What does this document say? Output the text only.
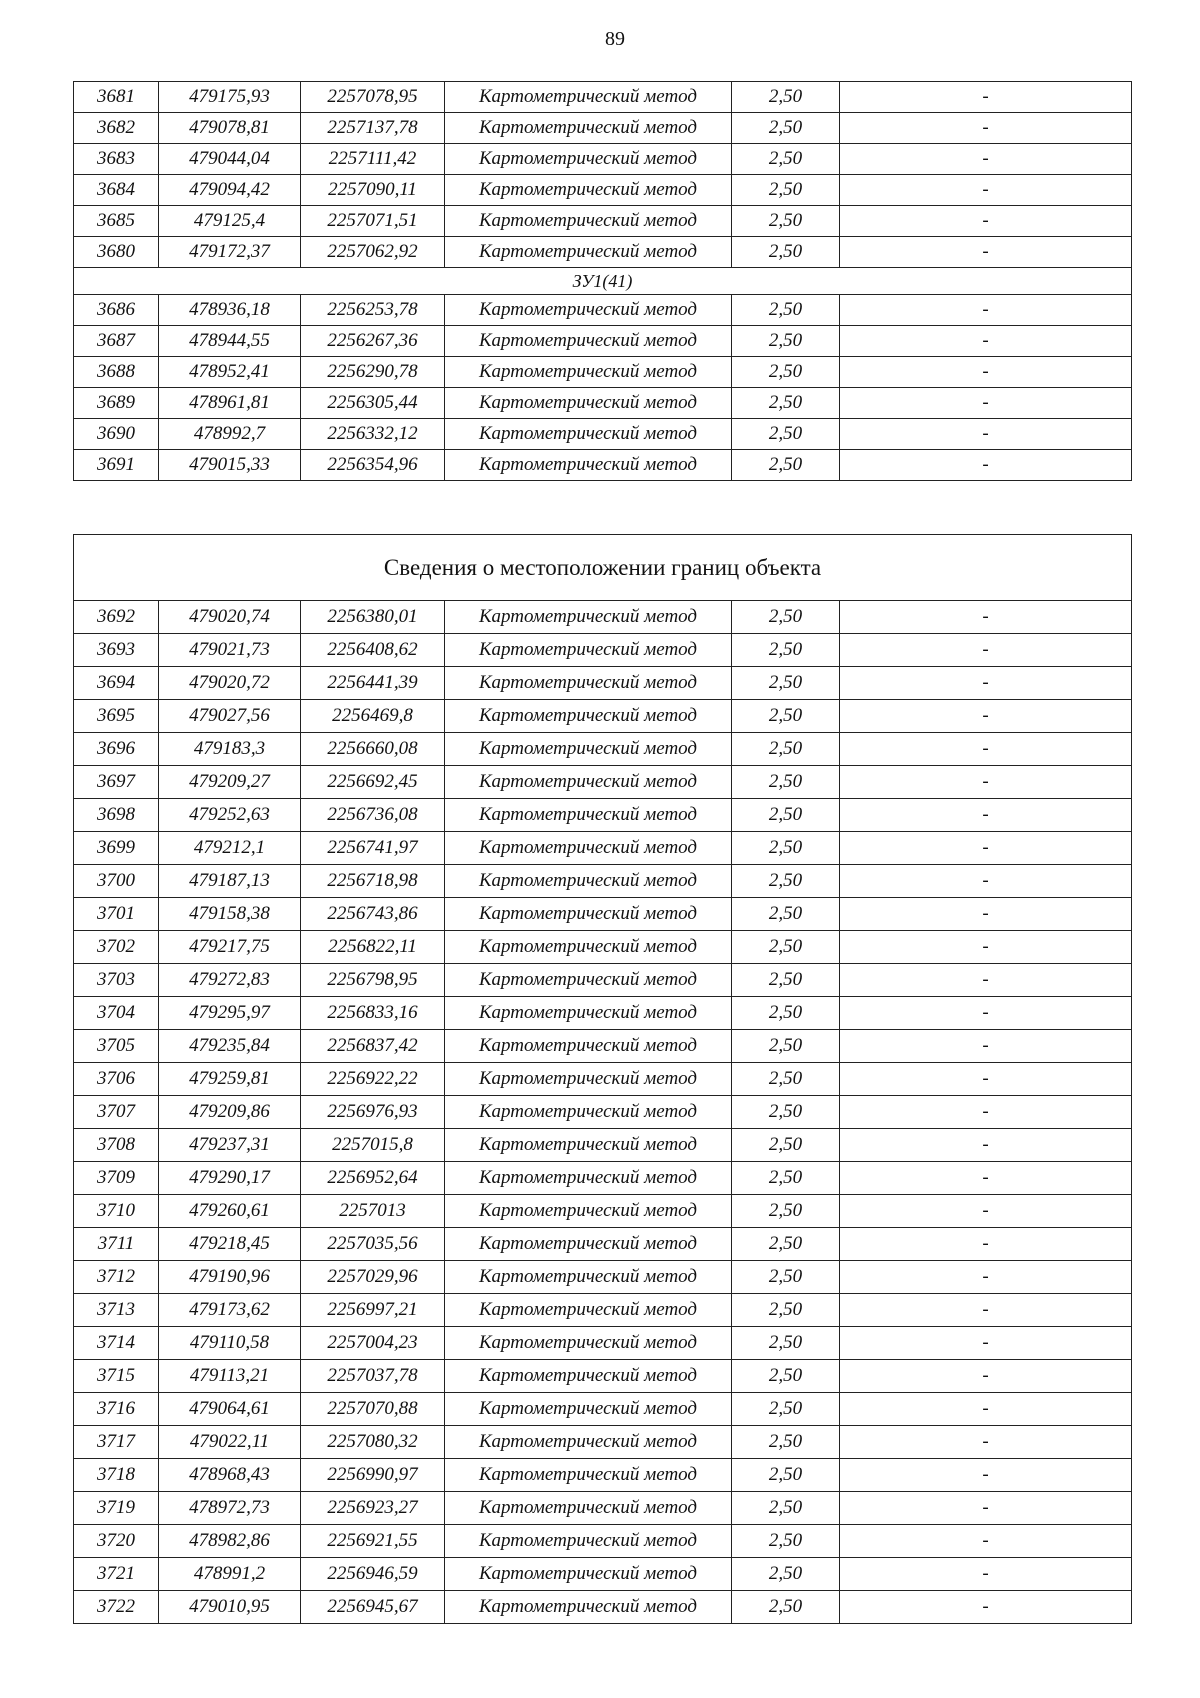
89
3681	479175,93	2257078,95	Картометрический метод	2,50	-
3682	479078,81	2257137,78	Картометрический метод	2,50	-
3683	479044,04	2257111,42	Картометрический метод	2,50	-
3684	479094,42	2257090,11	Картометрический метод	2,50	-
3685	479125,4	2257071,51	Картометрический метод	2,50	-
3680	479172,37	2257062,92	Картометрический метод	2,50	-
ЗУ1(41)					
3686	478936,18	2256253,78	Картометрический метод	2,50	-
3687	478944,55	2256267,36	Картометрический метод	2,50	-
3688	478952,41	2256290,78	Картометрический метод	2,50	-
3689	478961,81	2256305,44	Картометрический метод	2,50	-
3690	478992,7	2256332,12	Картометрический метод	2,50	-
3691	479015,33	2256354,96	Картометрический метод	2,50	-
Сведения о местоположении границ объекта					
3692	479020,74	2256380,01	Картометрический метод	2,50	-
3693	479021,73	2256408,62	Картометрический метод	2,50	-
3694	479020,72	2256441,39	Картометрический метод	2,50	-
3695	479027,56	2256469,8	Картометрический метод	2,50	-
3696	479183,3	2256660,08	Картометрический метод	2,50	-
3697	479209,27	2256692,45	Картометрический метод	2,50	-
3698	479252,63	2256736,08	Картометрический метод	2,50	-
3699	479212,1	2256741,97	Картометрический метод	2,50	-
3700	479187,13	2256718,98	Картометрический метод	2,50	-
3701	479158,38	2256743,86	Картометрический метод	2,50	-
3702	479217,75	2256822,11	Картометрический метод	2,50	-
3703	479272,83	2256798,95	Картометрический метод	2,50	-
3704	479295,97	2256833,16	Картометрический метод	2,50	-
3705	479235,84	2256837,42	Картометрический метод	2,50	-
3706	479259,81	2256922,22	Картометрический метод	2,50	-
3707	479209,86	2256976,93	Картометрический метод	2,50	-
3708	479237,31	2257015,8	Картометрический метод	2,50	-
3709	479290,17	2256952,64	Картометрический метод	2,50	-
3710	479260,61	2257013	Картометрический метод	2,50	-
3711	479218,45	2257035,56	Картометрический метод	2,50	-
3712	479190,96	2257029,96	Картометрический метод	2,50	-
3713	479173,62	2256997,21	Картометрический метод	2,50	-
3714	479110,58	2257004,23	Картометрический метод	2,50	-
3715	479113,21	2257037,78	Картометрический метод	2,50	-
3716	479064,61	2257070,88	Картометрический метод	2,50	-
3717	479022,11	2257080,32	Картометрический метод	2,50	-
3718	478968,43	2256990,97	Картометрический метод	2,50	-
3719	478972,73	2256923,27	Картометрический метод	2,50	-
3720	478982,86	2256921,55	Картометрический метод	2,50	-
3721	478991,2	2256946,59	Картометрический метод	2,50	-
3722	479010,95	2256945,67	Картометрический метод	2,50	-
